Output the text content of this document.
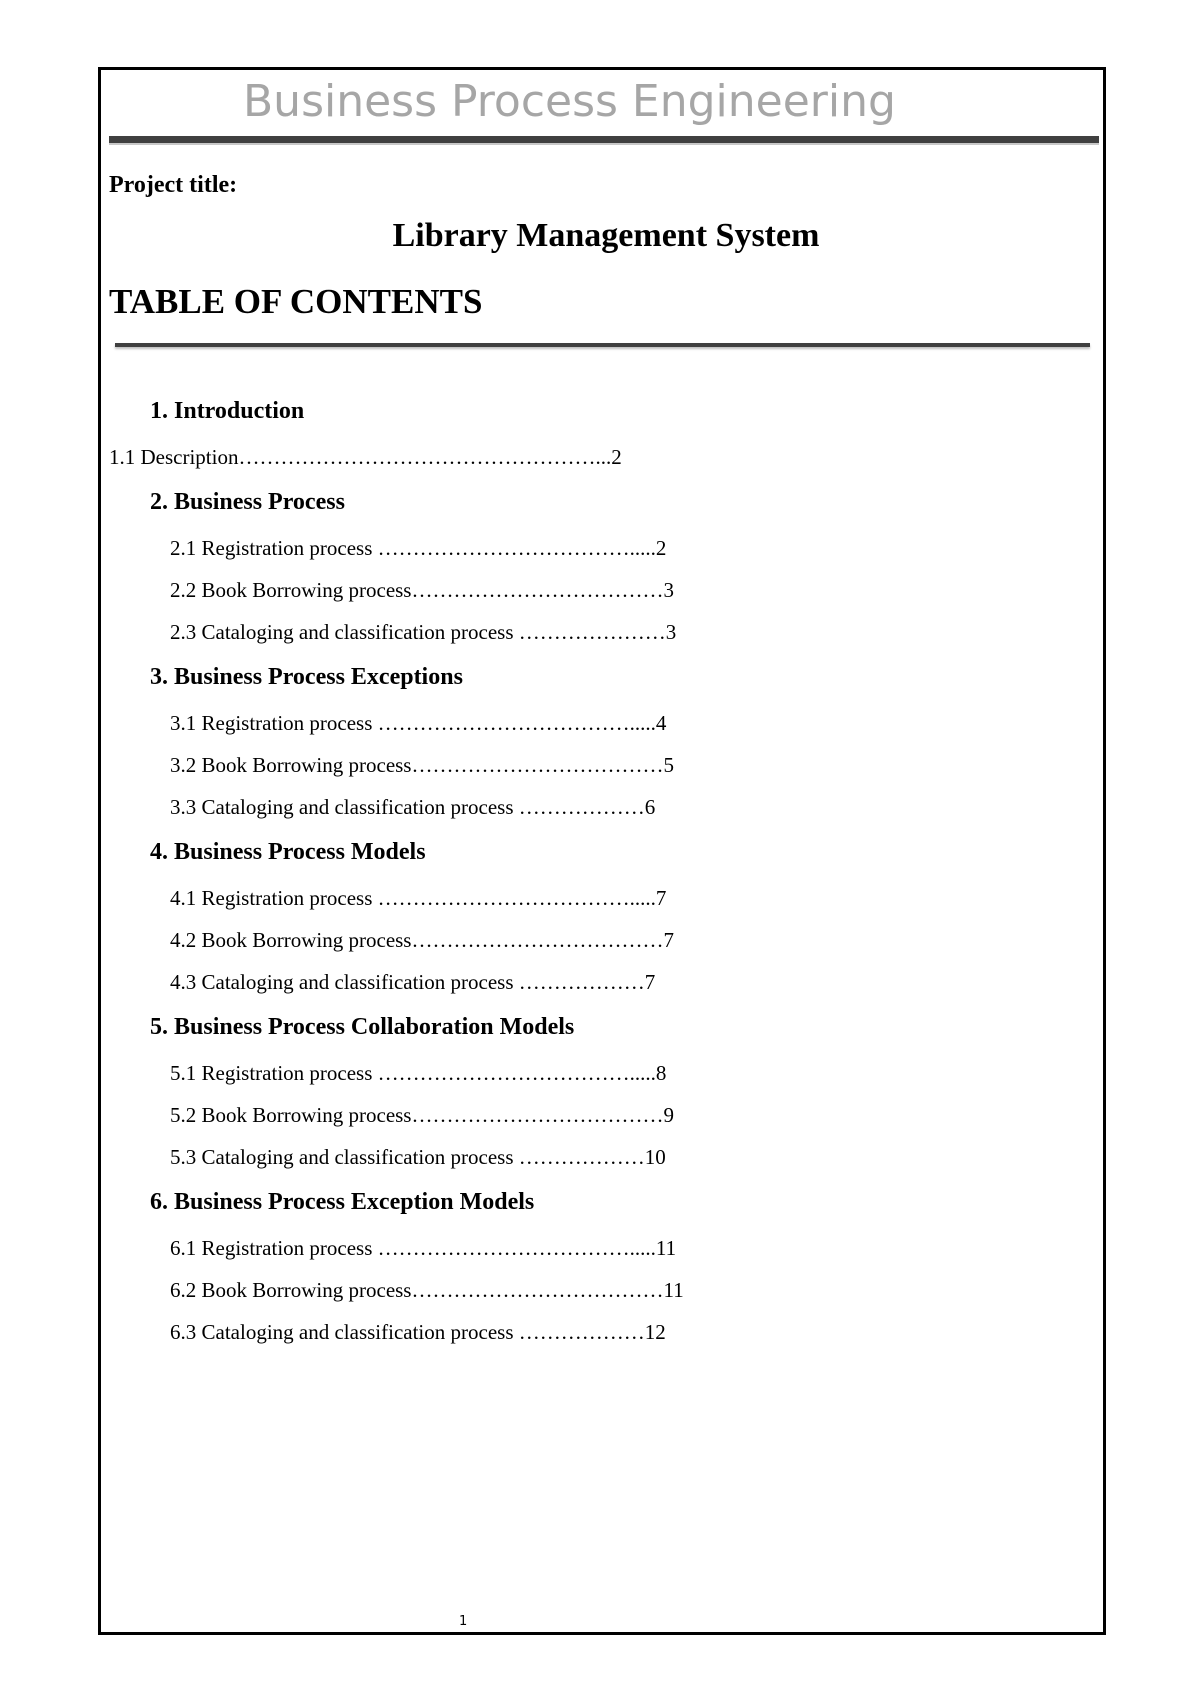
Business Process Engineering
Project title:
Library Management System
TABLE OF CONTENTS
1. Introduction
1.1 Description……………………………………………...2
2. Business Process
2.1 Registration process ……………………………….....2
2.2 Book Borrowing process………………………………3
2.3 Cataloging and classification process …………………3
3. Business Process Exceptions
3.1 Registration process ……………………………….....4
3.2 Book Borrowing process………………………………5
3.3 Cataloging and classification process ………………6
4. Business Process Models
4.1 Registration process ……………………………….....7
4.2 Book Borrowing process………………………………7
4.3 Cataloging and classification process ………………7
5. Business Process Collaboration Models
5.1 Registration process ……………………………….....8
5.2 Book Borrowing process………………………………9
5.3 Cataloging and classification process ………………10
6. Business Process Exception Models
6.1 Registration process ……………………………….....11
6.2 Book Borrowing process………………………………11
6.3 Cataloging and classification process ………………12
1
